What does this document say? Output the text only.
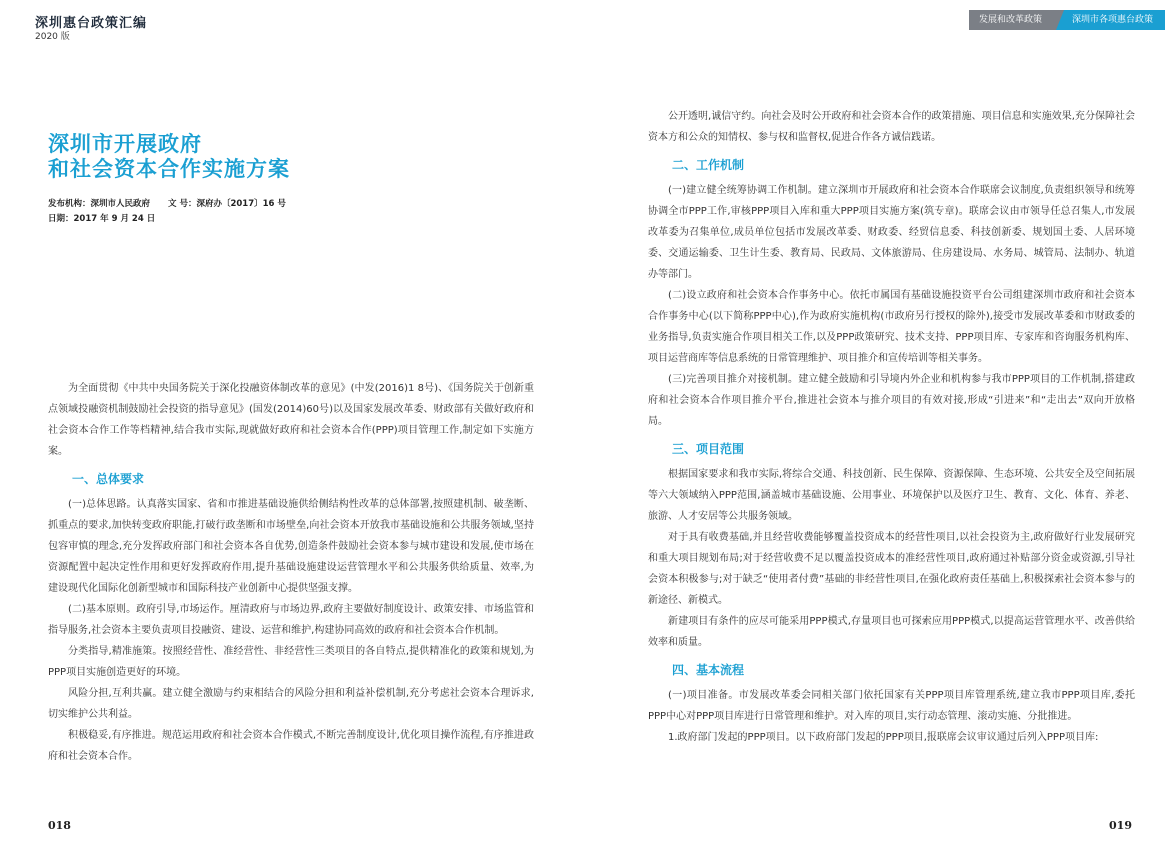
深圳惠台政策汇编
2020 版
深圳市开展政府
和社会资本合作实施方案
发布机构：深圳市人民政府 文 号：深府办〔2017〕16 号
日期：2017 年 9 月 24 日

为全面贯彻《中共中央国务院关于深化投融资体制改革的意见》(中发(2016)1 8号)、《国务院关于创新重点领域投融资机制鼓励社会投资的指导意见》(国发(2014)60号)以及国家发展改革委、财政部有关做好政府和社会资本合作工作等档精神,结合我市实际,现就做好政府和社会资本合作(PPP)项目管理工作,制定如下实施方案。

一、总体要求

(一)总体思路。认真落实国家、省和市推进基础设施供给侧结构性改革的总体部署,按照建机制、破垄断、抓重点的要求,加快转变政府职能,打破行政垄断和市场壁垒,向社会资本开放我市基础设施和公共服务领域,坚持包容审慎的理念,充分发挥政府部门和社会资本各自优势,创造条件鼓励社会资本参与城市建设和发展,使市场在资源配置中起决定性作用和更好发挥政府作用,提升基础设施建设运营管理水平和公共服务供给质量、效率,为建设现代化国际化创新型城市和国际科技产业创新中心提供坚强支撑。

(二)基本原则。政府引导,市场运作。厘清政府与市场边界,政府主要做好制度设计、政策安排、市场监管和指导服务,社会资本主要负责项目投融资、建设、运营和维护,构建协同高效的政府和社会资本合作机制。

分类指导,精准施策。按照经营性、准经营性、非经营性三类项目的各自特点,提供精准化的政策和规划,为PPP项目实施创造更好的环境。

风险分担,互利共赢。建立健全激励与约束相结合的风险分担和利益补偿机制,充分考虑社会资本合理诉求,切实维护公共利益。

积极稳妥,有序推进。规范运用政府和社会资本合作模式,不断完善制度设计,优化项目操作流程,有序推进政府和社会资本合作。

018
发展和改革政策	深圳市各项惠台政策

公开透明,诚信守约。向社会及时公开政府和社会资本合作的政策措施、项目信息和实施效果,充分保障社会资本方和公众的知情权、参与权和监督权,促进合作各方诚信践诺。

二、工作机制

(一)建立健全统筹协调工作机制。建立深圳市开展政府和社会资本合作联席会议制度,负责组织领导和统筹协调全市PPP工作,审核PPP项目入库和重大PPP项目实施方案(筑专章)。联席会议由市领导任总召集人,市发展改革委为召集单位,成员单位包括市发展改革委、财政委、经贸信息委、科技创新委、规划国土委、人居环境委、交通运输委、卫生计生委、教育局、民政局、文体旅游局、住房建设局、水务局、城管局、法制办、轨道办等部门。

(二)设立政府和社会资本合作事务中心。依托市属国有基础设施投资平台公司组建深圳市政府和社会资本合作事务中心(以下简称PPP中心),作为政府实施机构(市政府另行授权的除外),接受市发展改革委和市财政委的业务指导,负责实施合作项目相关工作,以及PPP政策研究、技术支持、PPP项目库、专家库和咨询服务机构库、项目运营商库等信息系统的日常管理维护、项目推介和宣传培训等相关事务。

(三)完善项目推介对接机制。建立健全鼓励和引导境内外企业和机构参与我市PPP项目的工作机制,搭建政府和社会资本合作项目推介平台,推进社会资本与推介项目的有效对接,形成“引进来”和“走出去”双向开放格局。

三、项目范围

根据国家要求和我市实际,将综合交通、科技创新、民生保障、资源保障、生态环境、公共安全及空间拓展等六大领域纳入PPP范围,涵盖城市基础设施、公用事业、环境保护以及医疗卫生、教育、文化、体育、养老、旅游、人才安居等公共服务领域。

对于具有收费基础,并且经营收费能够覆盖投资成本的经营性项目,以社会投资为主,政府做好行业发展研究和重大项目规划布局;对于经营收费不足以覆盖投资成本的准经营性项目,政府通过补贴部分资金或资源,引导社会资本积极参与;对于缺乏“使用者付费”基础的非经营性项目,在强化政府责任基础上,积极探索社会资本参与的新途径、新模式。

新建项目有条件的应尽可能采用PPP模式,存量项目也可探索应用PPP模式,以提高运营管理水平、改善供给效率和质量。

四、基本流程

(一)项目准备。市发展改革委会同相关部门依托国家有关PPP项目库管理系统,建立我市PPP项目库,委托PPP中心对PPP项目库进行日常管理和维护。对入库的项目,实行动态管理、滚动实施、分批推进。

1.政府部门发起的PPP项目。以下政府部门发起的PPP项目,报联席会议审议通过后列入PPP项目库:

019
